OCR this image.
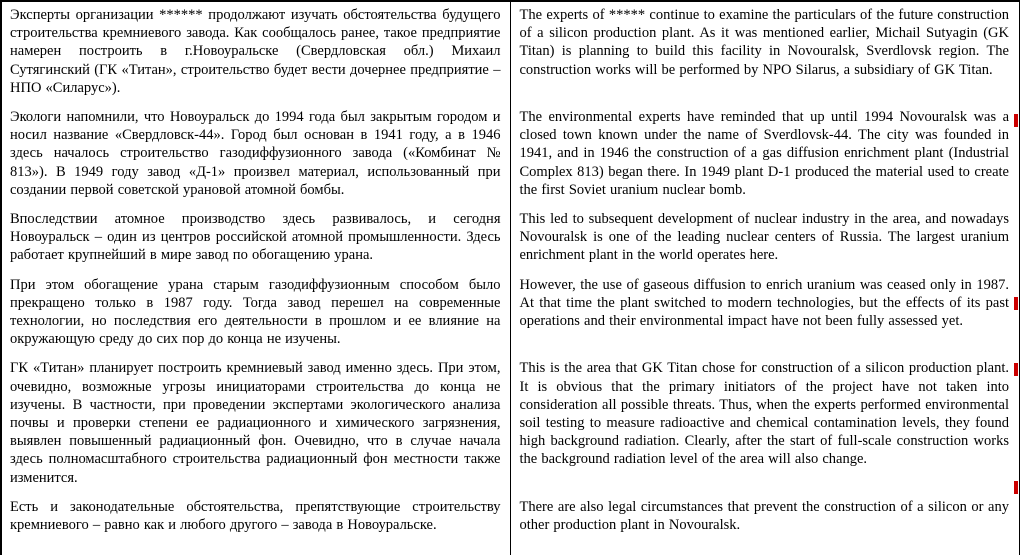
Эксперты организации ****** продолжают изучать обстоятельства будущего строительства кремниевого завода. Как сообщалось ранее, такое предприятие намерен построить в г.Новоуральске (Свердловская обл.) Михаил Сутягинский (ГК «Титан», строительство будет вести дочернее предприятие – НПО «Силарус»).

The experts of ***** continue to examine the particulars of the future construction of a silicon production plant. As it was mentioned earlier, Michail Sutyagin (GK Titan) is planning to build this facility in Novouralsk, Sverdlovsk region. The construction works will be performed by NPO Silarus, a subsidiary of GK Titan.

Экологи напомнили, что Новоуральск до 1994 года был закрытым городом и носил название «Свердловск-44». Город был основан в 1941 году, а в 1946 здесь началось строительство газодиффузионного завода («Комбинат № 813»). В 1949 году завод «Д-1» произвел материал, использованный при создании первой советской урановой атомной бомбы.

The environmental experts have reminded that up until 1994 Novouralsk was a closed town known under the name of Sverdlovsk-44. The city was founded in 1941, and in 1946 the construction of a gas diffusion enrichment plant (Industrial Complex 813) began there. In 1949 plant D-1 produced the material used to create the first Soviet uranium nuclear bomb.

Впоследствии атомное производство здесь развивалось, и сегодня Новоуральск – один из центров российской атомной промышленности. Здесь работает крупнейший в мире завод по обогащению урана.

This led to subsequent development of nuclear industry in the area, and nowadays Novouralsk is one of the leading nuclear centers of Russia. The largest uranium enrichment plant in the world operates here.

При этом обогащение урана старым газодиффузионным способом было прекращено только в 1987 году. Тогда завод перешел на современные технологии, но последствия его деятельности в прошлом и ее влияние на окружающую среду до сих пор до конца не изучены.

However, the use of gaseous diffusion to enrich uranium was ceased only in 1987. At that time the plant switched to modern technologies, but the effects of its past operations and their environmental impact have not been fully assessed yet.

ГК «Титан» планирует построить кремниевый завод именно здесь. При этом, очевидно, возможные угрозы инициаторами строительства до конца не изучены. В частности, при проведении экспертами экологического анализа почвы и проверки степени ее радиационного и химического загрязнения, выявлен повышенный радиационный фон. Очевидно, что в случае начала здесь полномасштабного строительства радиационный фон местности также изменится.

This is the area that GK Titan chose for construction of a silicon production plant. It is obvious that the primary initiators of the project have not taken into consideration all possible threats. Thus, when the experts performed environmental soil testing to measure radioactive and chemical contamination levels, they found high background radiation. Clearly, after the start of full-scale construction works the background radiation level of the area will also change.

Есть и законодательные обстоятельства, препятствующие строительству кремниевого – равно как и любого другого – завода в Новоуральске.

There are also legal circumstances that prevent the construction of a silicon or any other production plant in Novouralsk.
